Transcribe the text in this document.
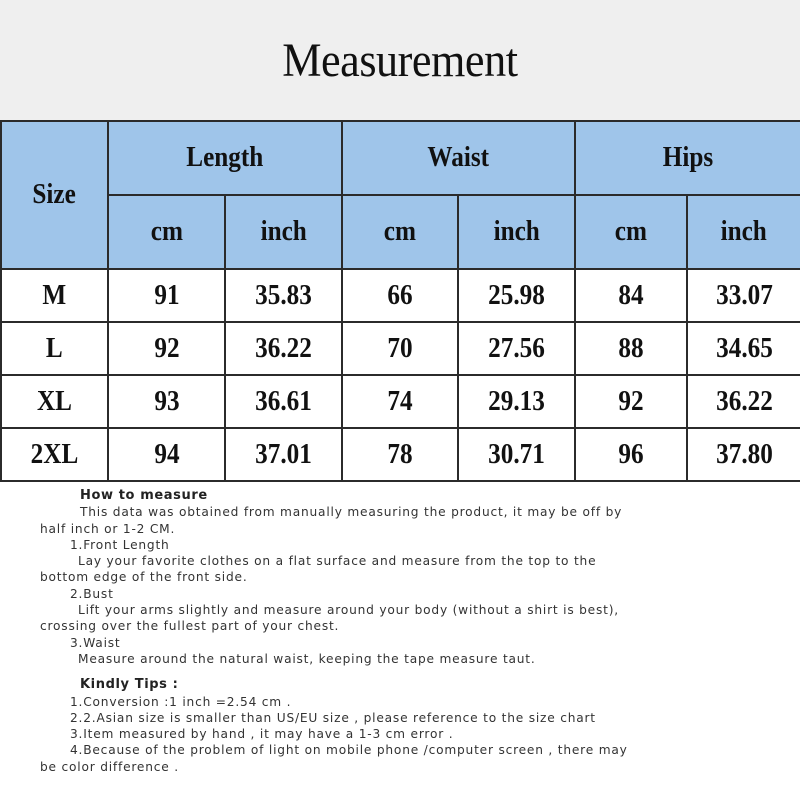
Measurement
Size	Length		Waist		Hips	
	cm	inch	cm	inch	cm	inch
M	91	35.83	66	25.98	84	33.07
L	92	36.22	70	27.56	88	34.65
XL	93	36.61	74	29.13	92	36.22
2XL	94	37.01	78	30.71	96	37.80
How to measure
This data was obtained from manually measuring the product, it may be off by
half inch or 1-2 CM.
1.Front Length
Lay your favorite clothes on a flat surface and measure from the top to the
bottom edge of the front side.
2.Bust
Lift your arms slightly and measure around your body (without a shirt is best),
crossing over the fullest part of your chest.
3.Waist
Measure around the natural waist, keeping the tape measure taut.
Kindly Tips :
1.Conversion :1 inch =2.54 cm .
2.2.Asian size is smaller than US/EU size , please reference to the size chart
3.Item measured by hand , it may have a 1-3 cm error .
4.Because of the problem of light on mobile phone /computer screen , there may
be color difference .
